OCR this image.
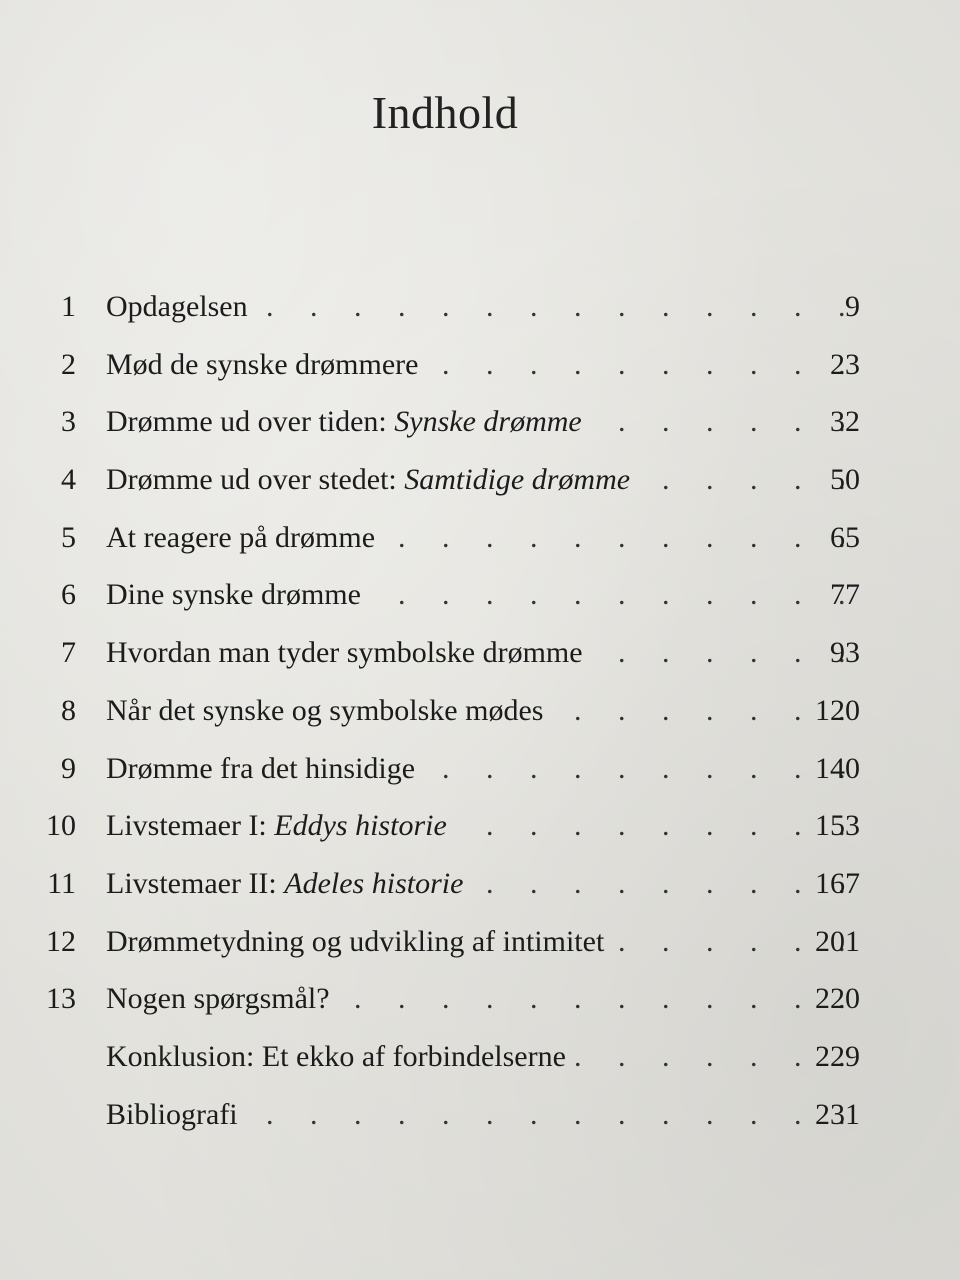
Indhold
1 Opdagelsen . . .	9
2 Mød de synske drømmere . . .	23
3 Drømme ud over tiden: Synske drømme . . .	32
4 Drømme ud over stedet: Samtidige drømme . . .	50
5 At reagere på drømme . . .	65
6 Dine synske drømme . . .	77
7 Hvordan man tyder symbolske drømme . . .	93
8 Når det synske og symbolske mødes . . .	120
9 Drømme fra det hinsidige . . .	140
10 Livstemaer I: Eddys historie . . .	153
11 Livstemaer II: Adeles historie . . .	167
12 Drømmetydning og udvikling af intimitet . . .	201
13 Nogen spørgsmål? . . .	220
Konklusion: Et ekko af forbindelserne . . .	229
Bibliografi . . .	231
